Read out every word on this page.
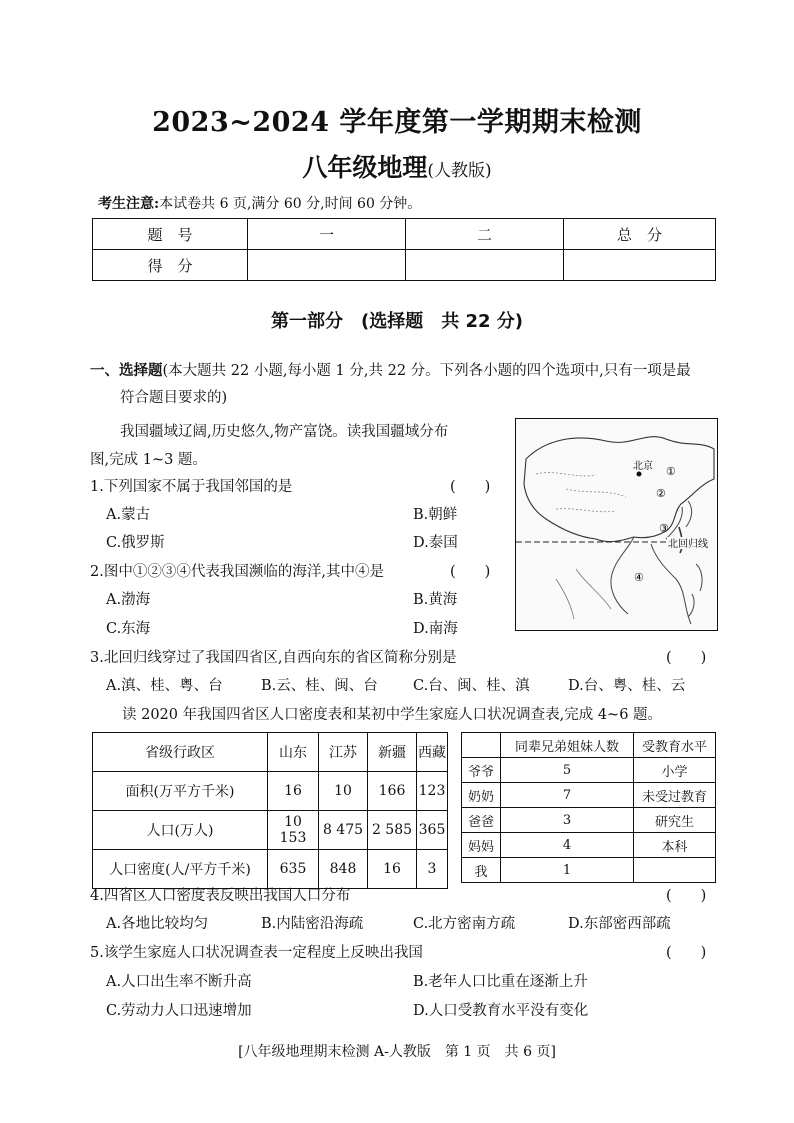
2023~2024 学年度第一学期期末检测
八年级地理(人教版)
考生注意:本试卷共 6 页,满分 60 分,时间 60 分钟。
题　号	一	二	总　分
得　分			
第一部分　(选择题　共 22 分)
一、选择题(本大题共 22 小题,每小题 1 分,共 22 分。下列各小题的四个选项中,只有一项是最
符合题目要求的)
我国疆域辽阔,历史悠久,物产富饶。读我国疆域分布
图,完成 1~3 题。	北京 ①
②
③
④
北回归线
1.下列国家不属于我国邻国的是	(　　)
A.蒙古	B.朝鲜
C.俄罗斯	D.泰国
2.图中①②③④代表我国濒临的海洋,其中④是	(　　)
A.渤海	B.黄海
C.东海	D.南海
3.北回归线穿过了我国四省区,自西向东的省区简称分别是	(　　)
A.滇、桂、粤、台	B.云、桂、闽、台 C.台、闽、桂、滇	D.台、粤、桂、云
读 2020 年我国四省区人口密度表和某初中学生家庭人口状况调查表,完成 4~6 题。
省级行政区	山东	江苏	新疆	西藏
面积(万平方千米)	16	10	166	123
人口(万人)	10 153	8 475	2 585	365
人口密度(人/平方千米)	635	848	16	3
	同辈兄弟姐妹人数	受教育水平
爷爷	5	小学
奶奶	7	未受过教育
爸爸	3	研究生
妈妈	4	本科
我	1	
4.四省区人口密度表反映出我国人口分布	(　　)
A.各地比较均匀	B.内陆密沿海疏	C.北方密南方疏	D.东部密西部疏
5.该学生家庭人口状况调查表一定程度上反映出我国	(　　)
A.人口出生率不断升高	B.老年人口比重在逐渐上升
C.劳动力人口迅速增加	D.人口受教育水平没有变化
[八年级地理期末检测 A-人教版　第 1 页　共 6 页]
